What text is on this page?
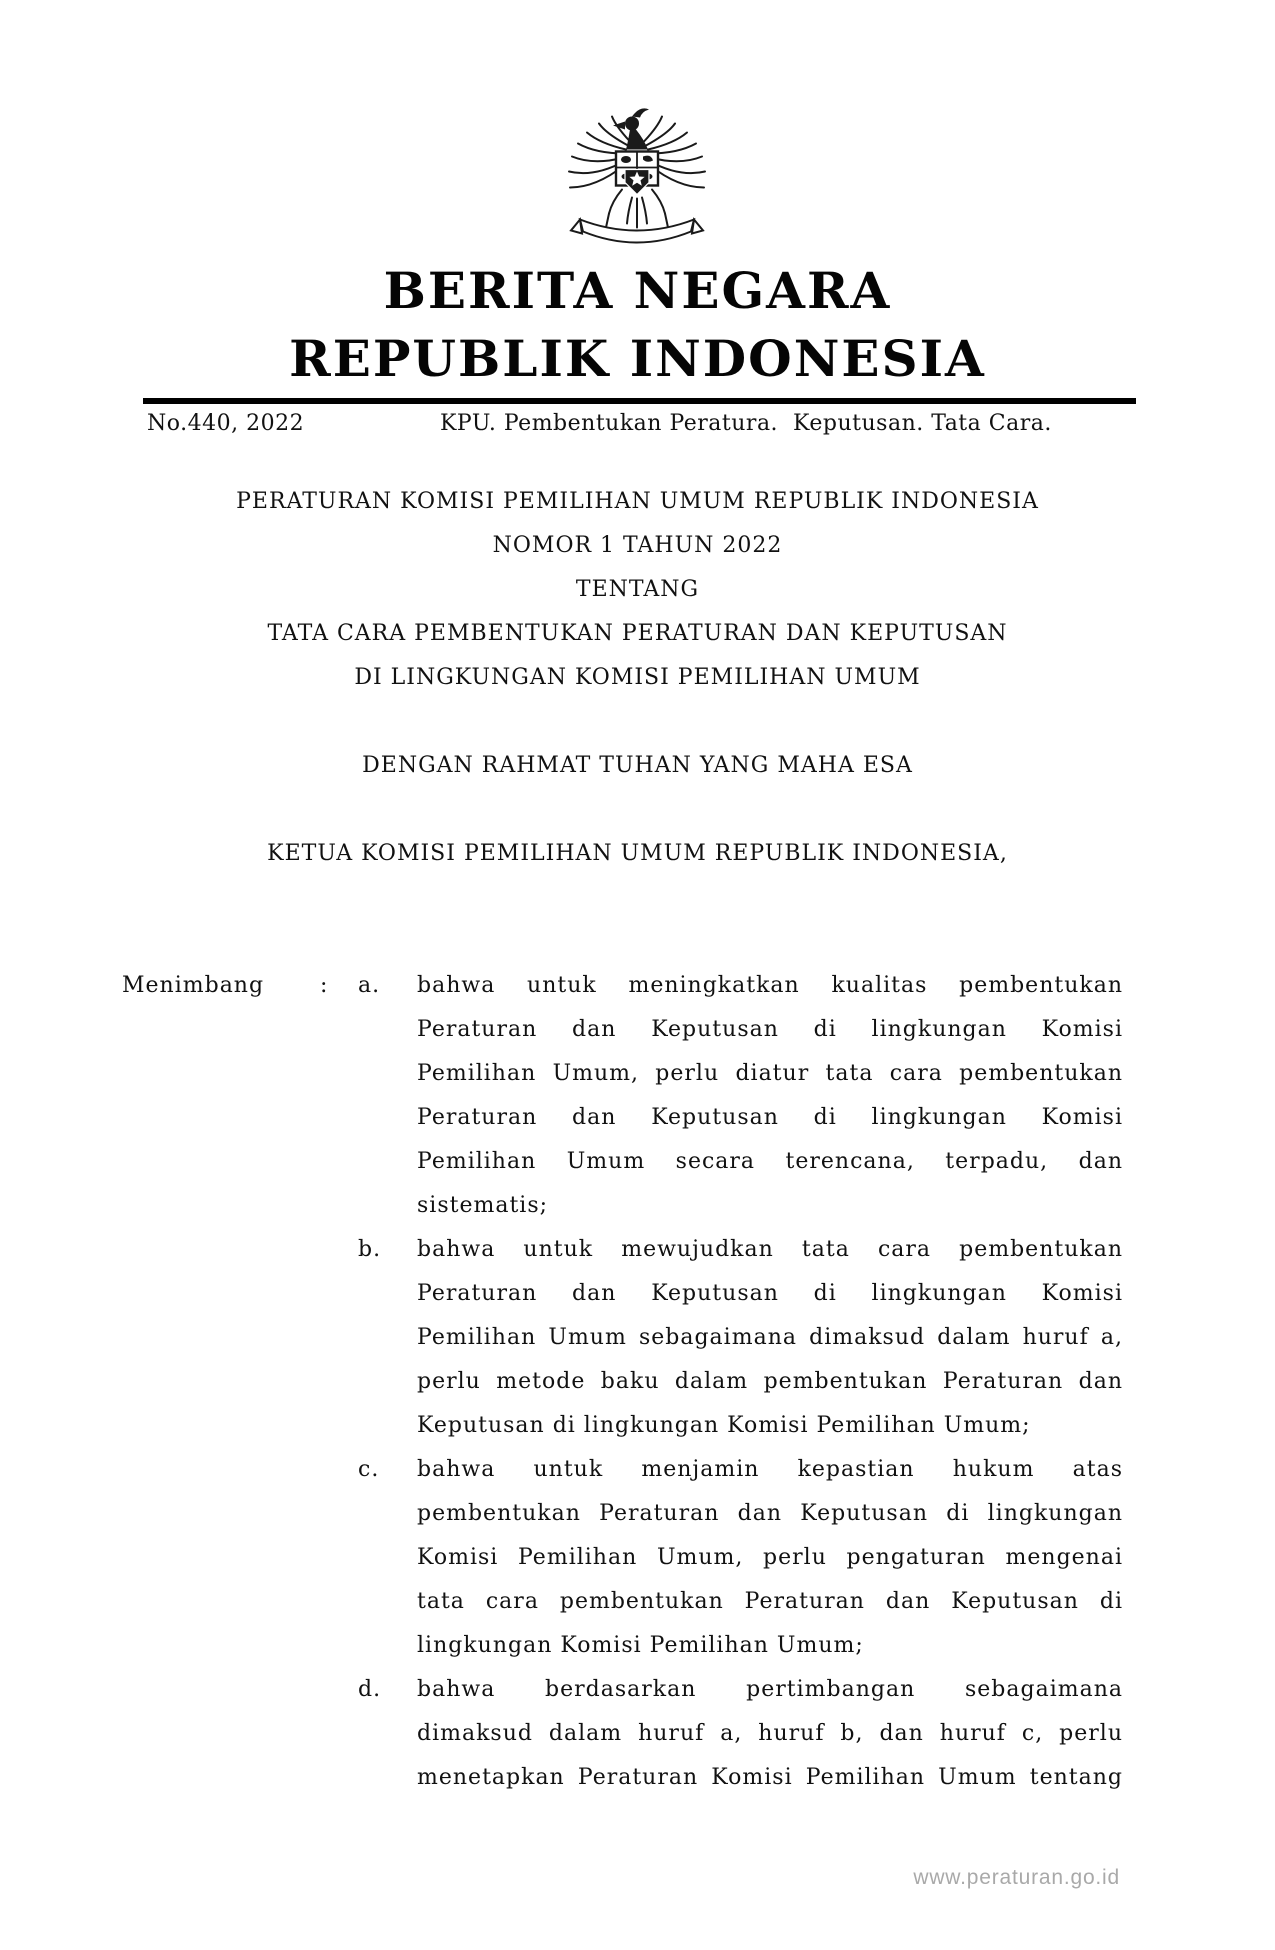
BERITA NEGARA
REPUBLIK INDONESIA
No.440, 2022	KPU. Pembentukan Peratura.  Keputusan. Tata Cara.
PERATURAN KOMISI PEMILIHAN UMUM REPUBLIK INDONESIA
NOMOR 1 TAHUN 2022
TENTANG
TATA CARA PEMBENTUKAN PERATURAN DAN KEPUTUSAN
DI LINGKUNGAN KOMISI PEMILIHAN UMUM
DENGAN RAHMAT TUHAN YANG MAHA ESA
KETUA KOMISI PEMILIHAN UMUM REPUBLIK INDONESIA,
Menimbang	:	a.	bahwa untuk meningkatkan kualitas pembentukan
Peraturan dan Keputusan di lingkungan Komisi
Pemilihan Umum, perlu diatur tata cara pembentukan
Peraturan dan Keputusan di lingkungan Komisi
Pemilihan Umum secara terencana, terpadu, dan
sistematis;
b.	bahwa untuk mewujudkan tata cara pembentukan
Peraturan dan Keputusan di lingkungan Komisi
Pemilihan Umum sebagaimana dimaksud dalam huruf a,
perlu metode baku dalam pembentukan Peraturan dan
Keputusan di lingkungan Komisi Pemilihan Umum;
c.	bahwa untuk menjamin kepastian hukum atas
pembentukan Peraturan dan Keputusan di lingkungan
Komisi Pemilihan Umum, perlu pengaturan mengenai
tata cara pembentukan Peraturan dan Keputusan di
lingkungan Komisi Pemilihan Umum;
d.	bahwa berdasarkan pertimbangan sebagaimana
dimaksud dalam huruf a, huruf b, dan huruf c, perlu
menetapkan Peraturan Komisi Pemilihan Umum tentang
www.peraturan.go.id
